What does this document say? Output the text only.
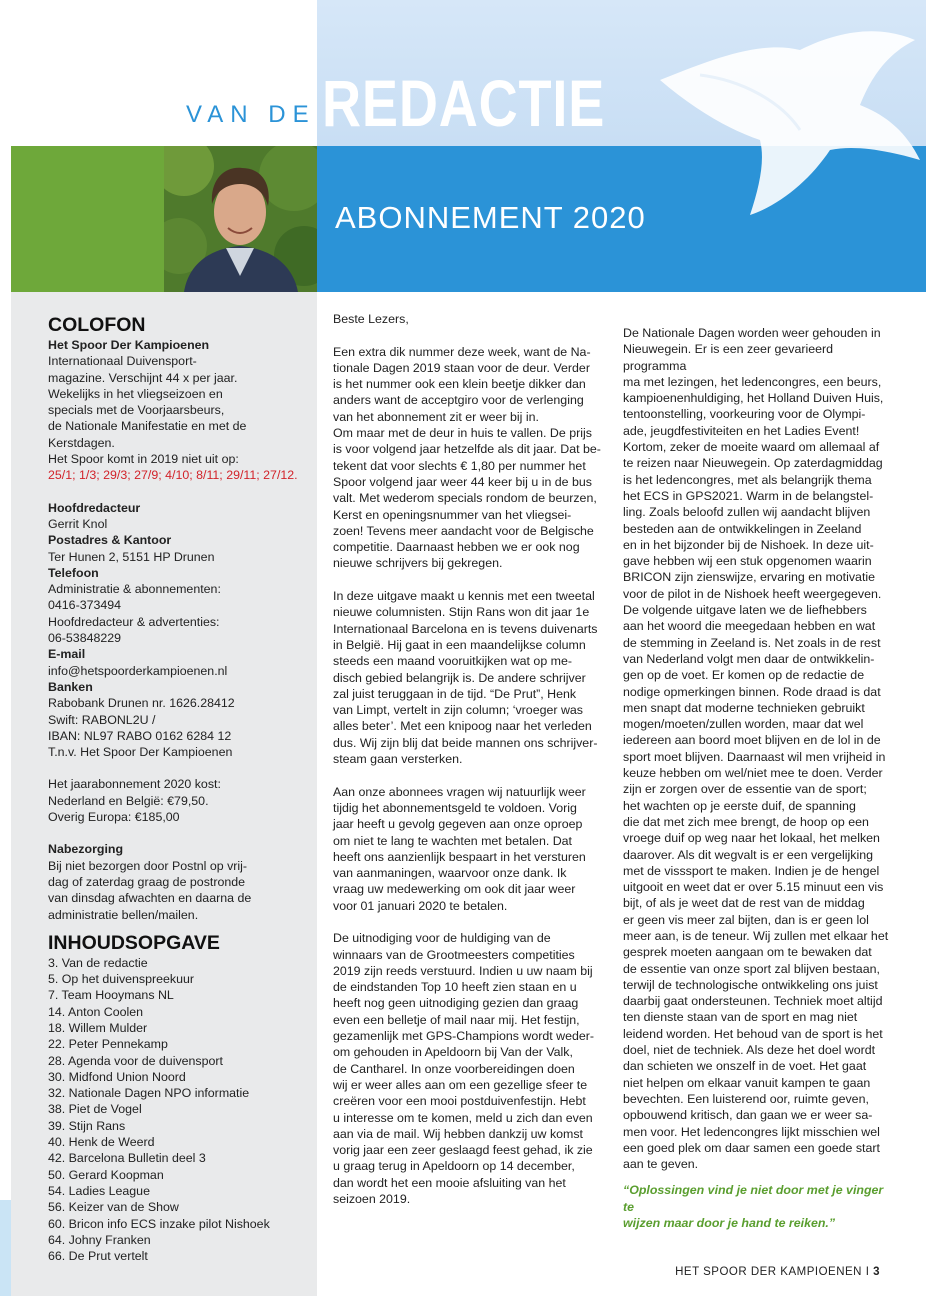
VAN DE REDACTIE
ABONNEMENT 2020
COLOFON
Het Spoor Der Kampioenen
Internationaal Duivensport-
magazine. Verschijnt 44 x per jaar.
Wekelijks in het vliegseizoen en
specials met de Voorjaarsbeurs,
de Nationale Manifestatie en met de
Kerstdagen.
Het Spoor komt in 2019 niet uit op:
25/1; 1/3; 29/3; 27/9; 4/10; 8/11; 29/11; 27/12.
Hoofdredacteur
Gerrit Knol
Postadres & Kantoor
Ter Hunen 2, 5151 HP Drunen
Telefoon
Administratie & abonnementen:
0416-373494
Hoofdredacteur & advertenties:
06-53848229
E-mail
info@hetspoorderkampioenen.nl
Banken
Rabobank Drunen nr. 1626.28412
Swift: RABONL2U /
IBAN: NL97 RABO 0162 6284 12
T.n.v. Het Spoor Der Kampioenen
Het jaarabonnement 2020 kost:
Nederland en België: €79,50.
Overig Europa: €185,00
Nabezorging
Bij niet bezorgen door Postnl op vrij-
dag of zaterdag graag de postronde
van dinsdag afwachten en daarna de
administratie bellen/mailen.
INHOUDSOPGAVE
3. Van de redactie
5. Op het duivenspreekuur
7. Team Hooymans NL
14. Anton Coolen
18. Willem Mulder
22. Peter Pennekamp
28. Agenda voor de duivensport
30. Midfond Union Noord
32. Nationale Dagen NPO informatie
38. Piet de Vogel
39. Stijn Rans
40. Henk de Weerd
42. Barcelona Bulletin deel 3
50. Gerard Koopman
54. Ladies League
56. Keizer van de Show
60. Bricon info ECS inzake pilot Nishoek
64. Johny Franken
66. De Prut vertelt

Beste Lezers,

Een extra dik nummer deze week, want de Na-
tionale Dagen 2019 staan voor de deur. Verder
is het nummer ook een klein beetje dikker dan
anders want de acceptgiro voor de verlenging
van het abonnement zit er weer bij in.
Om maar met de deur in huis te vallen. De prijs
is voor volgend jaar hetzelfde als dit jaar. Dat be-
tekent dat voor slechts € 1,80 per nummer het
Spoor volgend jaar weer 44 keer bij u in de bus
valt. Met wederom specials rondom de beurzen,
Kerst en openingsnummer van het vliegsei-
zoen! Tevens meer aandacht voor de Belgische
competitie. Daarnaast hebben we er ook nog
nieuwe schrijvers bij gekregen.

In deze uitgave maakt u kennis met een tweetal
nieuwe columnisten. Stijn Rans won dit jaar 1e
Internationaal Barcelona en is tevens duivenarts
in België. Hij gaat in een maandelijkse column
steeds een maand vooruitkijken wat op me-
disch gebied belangrijk is. De andere schrijver
zal juist teruggaan in de tijd. “De Prut”, Henk
van Limpt, vertelt in zijn column; ‘vroeger was
alles beter’. Met een knipoog naar het verleden
dus. Wij zijn blij dat beide mannen ons schrijver-
steam gaan versterken.

Aan onze abonnees vragen wij natuurlijk weer
tijdig het abonnementsgeld te voldoen. Vorig
jaar heeft u gevolg gegeven aan onze oproep
om niet te lang te wachten met betalen. Dat
heeft ons aanzienlijk bespaart in het versturen
van aanmaningen, waarvoor onze dank. Ik
vraag uw medewerking om ook dit jaar weer
voor 01 januari 2020 te betalen.

De uitnodiging voor de huldiging van de
winnaars van de Grootmeesters competities
2019 zijn reeds verstuurd. Indien u uw naam bij
de eindstanden Top 10 heeft zien staan en u
heeft nog geen uitnodiging gezien dan graag
even een belletje of mail naar mij. Het festijn,
gezamenlijk met GPS-Champions wordt weder-
om gehouden in Apeldoorn bij Van der Valk,
de Cantharel. In onze voorbereidingen doen
wij er weer alles aan om een gezellige sfeer te
creëren voor een mooi postduivenfestijn. Hebt
u interesse om te komen, meld u zich dan even
aan via de mail. Wij hebben dankzij uw komst
vorig jaar een zeer geslaagd feest gehad, ik zie
u graag terug in Apeldoorn op 14 december,
dan wordt het een mooie afsluiting van het
seizoen 2019.

De Nationale Dagen worden weer gehouden in
Nieuwegein. Er is een zeer gevarieerd programma
ma met lezingen, het ledencongres, een beurs,
kampioenenhuldiging, het Holland Duiven Huis,
tentoonstelling, voorkeuring voor de Olympi-
ade, jeugdfestiviteiten en het Ladies Event!
Kortom, zeker de moeite waard om allemaal af
te reizen naar Nieuwegein. Op zaterdagmiddag
is het ledencongres, met als belangrijk thema
het ECS in GPS2021. Warm in de belangstel-
ling. Zoals beloofd zullen wij aandacht blijven
besteden aan de ontwikkelingen in Zeeland
en in het bijzonder bij de Nishoek. In deze uit-
gave hebben wij een stuk opgenomen waarin
BRICON zijn zienswijze, ervaring en motivatie
voor de pilot in de Nishoek heeft weergegeven.
De volgende uitgave laten we de liefhebbers
aan het woord die meegedaan hebben en wat
de stemming in Zeeland is. Net zoals in de rest
van Nederland volgt men daar de ontwikkelin-
gen op de voet. Er komen op de redactie de
nodige opmerkingen binnen. Rode draad is dat
men snapt dat moderne technieken gebruikt
mogen/moeten/zullen worden, maar dat wel
iedereen aan boord moet blijven en de lol in de
sport moet blijven. Daarnaast wil men vrijheid in
keuze hebben om wel/niet mee te doen. Verder
zijn er zorgen over de essentie van de sport;
het wachten op je eerste duif, de spanning
die dat met zich mee brengt, de hoop op een
vroege duif op weg naar het lokaal, het melken
daarover. Als dit wegvalt is er een vergelijking
met de visssport te maken. Indien je de hengel
uitgooit en weet dat er over 5.15 minuut een vis
bijt, of als je weet dat de rest van de middag
er geen vis meer zal bijten, dan is er geen lol
meer aan, is de teneur. Wij zullen met elkaar het
gesprek moeten aangaan om te bewaken dat
de essentie van onze sport zal blijven bestaan,
terwijl de technologische ontwikkeling ons juist
daarbij gaat ondersteunen. Techniek moet altijd
ten dienste staan van de sport en mag niet
leidend worden. Het behoud van de sport is het
doel, niet de techniek. Als deze het doel wordt
dan schieten we onszelf in de voet. Het gaat
niet helpen om elkaar vanuit kampen te gaan
bevechten. Een luisterend oor, ruimte geven,
opbouwend kritisch, dan gaan we er weer sa-
men voor. Het ledencongres lijkt misschien wel
een goed plek om daar samen een goede start
aan te geven.
“Oplossingen vind je niet door met je vinger te
wijzen maar door je hand te reiken.”
HET SPOOR DER KAMPIOENEN I 3
